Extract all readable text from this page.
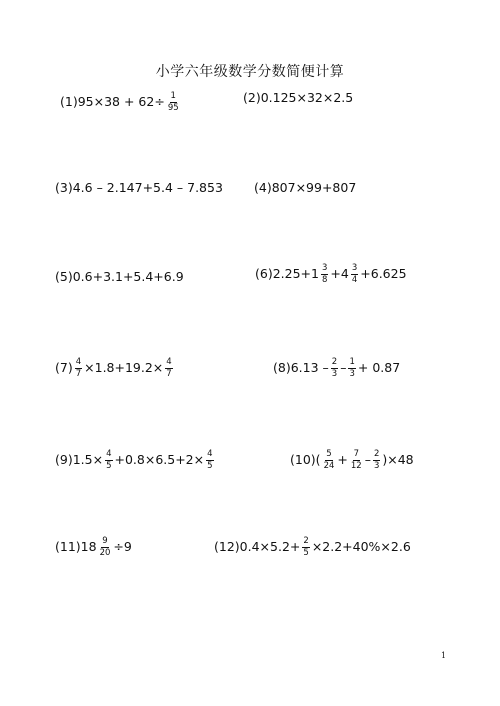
小学六年级数学分数简便计算
(1) $95\times 38 + 62\div \frac{1}{95}$	(2) 0.125×32×2.5
(3) 4.6 – 2.147+5.4 – 7.853 (4) 807×99+807
(5) 0.6+3.1+5.4+6.9	(6) $2.25+1 \frac{3}{8} +4 \frac{3}{4} +6.625$
$(7) \frac{4}{7} \times 1.8+19.2\times \frac{4}{7}$	(8) $6.13 - \frac{2}{3} - \frac{1}{3} + 0.87$
(9) $1.5\times \frac{4}{5} +0.8\times 6.5+2\times \frac{4}{5}$	(10) ( $\frac{5}{24} + \frac{7}{12} - \frac{2}{3} )\times 48$
(11) $18 \frac{9}{20} \div 9$	(12) $0.4\times 5.2+ \frac{2}{5} \times 2.2+40\%\times 2.6$
1
